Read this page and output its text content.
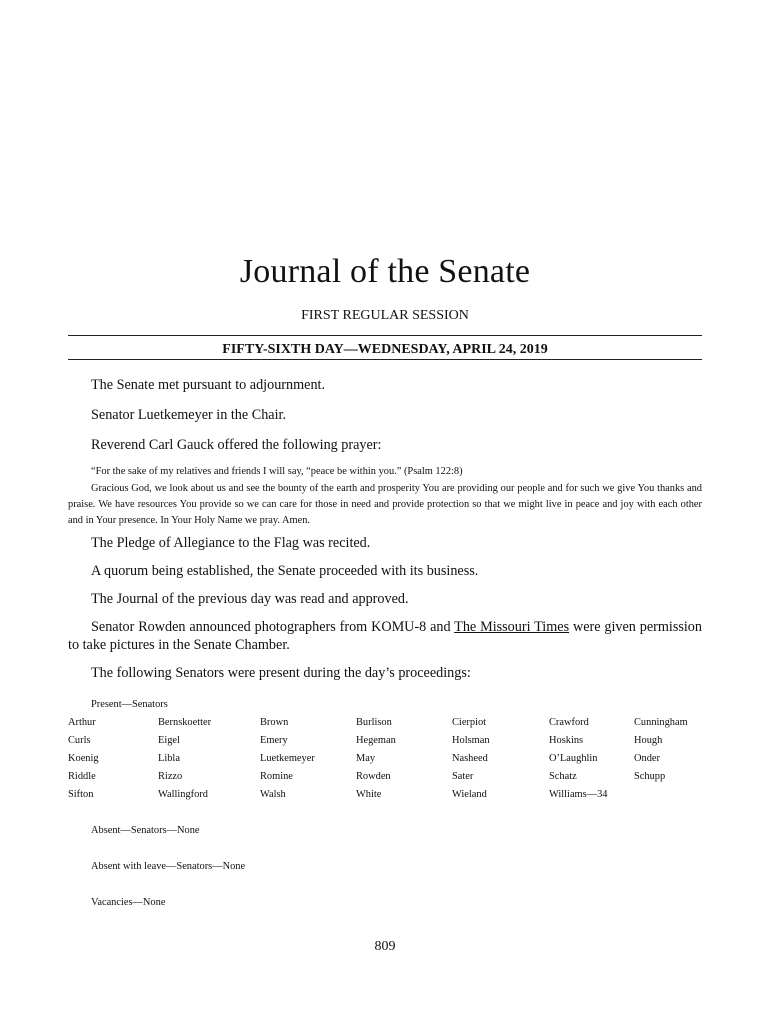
Journal of the Senate
FIRST REGULAR SESSION
FIFTY-SIXTH DAY—WEDNESDAY, APRIL 24, 2019

The Senate met pursuant to adjournment.

Senator Luetkemeyer in the Chair.

Reverend Carl Gauck offered the following prayer:

“For the sake of my relatives and friends I will say, “peace be within you.” (Psalm 122:8)

Gracious God, we look about us and see the bounty of the earth and prosperity You are providing our people and for such we give You thanks and praise. We have resources You provide so we can care for those in need and provide protection so that we might live in peace and joy with each other and in Your presence. In Your Holy Name we pray. Amen.

The Pledge of Allegiance to the Flag was recited.

A quorum being established, the Senate proceeded with its business.

The Journal of the previous day was read and approved.

Senator Rowden announced photographers from KOMU-8 and The Missouri Times were given permission to take pictures in the Senate Chamber.

The following Senators were present during the day’s proceedings:

Present—Senators
Arthur	Bernskoetter	Brown	Burlison	Cierpiot	Crawford	Cunningham
Curls	Eigel	Emery	Hegeman	Holsman	Hoskins	Hough
Koenig	Libla	Luetkemeyer	May	Nasheed	O’Laughlin	Onder
Riddle	Rizzo	Romine	Rowden	Sater	Schatz	Schupp
Sifton	Wallingford	Walsh	White	Wieland	Williams—34
Absent—Senators—None
Absent with leave—Senators—None
Vacancies—None
809
